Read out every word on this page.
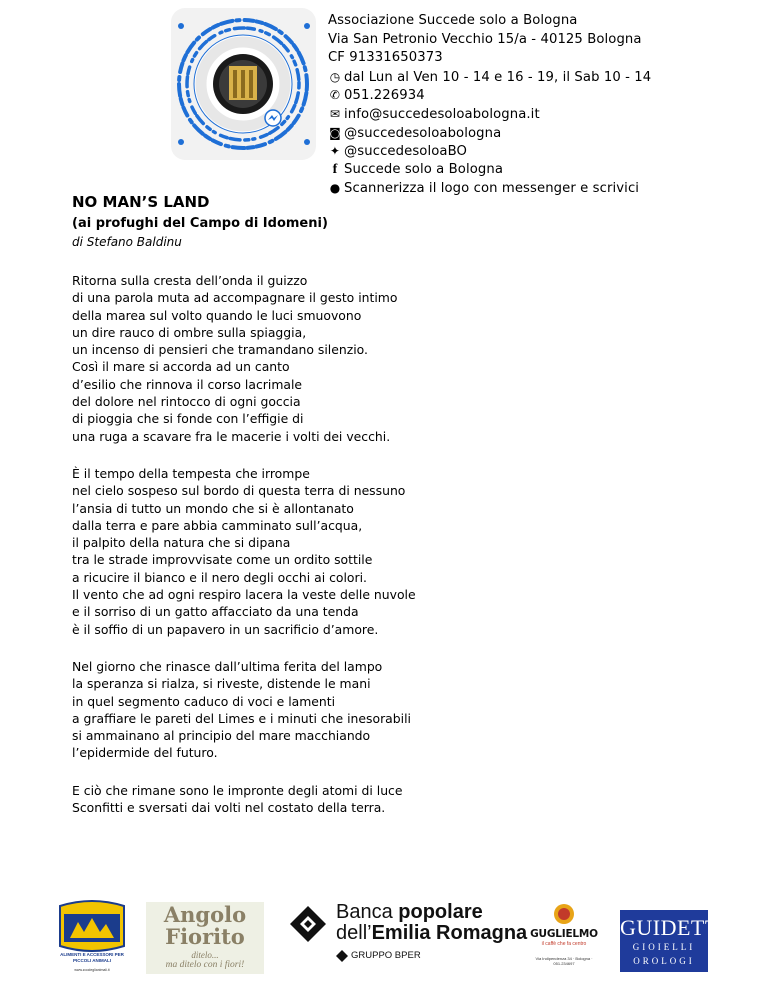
Associazione Succede solo a Bologna
Via San Petronio Vecchio 15/a - 40125 Bologna
CF 91331650373
◷ dal Lun al Ven 10 - 14 e 16 - 19, il Sab 10 - 14
✆ 051.226934
✉ info@succedesoloabologna.it
◙ @succedesoloabologna
✦ @succedesoloaBO
f Succede solo a Bologna
● Scannerizza il logo con messenger e scrivici
NO MAN’S LAND
(ai profughi del Campo di Idomeni)
di Stefano Baldinu
Ritorna sulla cresta dell’onda il guizzo
di una parola muta ad accompagnare il gesto intimo
della marea sul volto quando le luci smuovono
un dire rauco di ombre sulla spiaggia,
un incenso di pensieri che tramandano silenzio.
Così il mare si accorda ad un canto
d’esilio che rinnova il corso lacrimale
del dolore nel rintocco di ogni goccia
di pioggia che si fonde con l’effigie di
una ruga a scavare fra le macerie i volti dei vecchi.
È il tempo della tempesta che irrompe
nel cielo sospeso sul bordo di questa terra di nessuno
l’ansia di tutto un mondo che si è allontanato
dalla terra e pare abbia camminato sull’acqua,
il palpito della natura che si dipana
tra le strade improvvisate come un ordito sottile
a ricucire il bianco e il nero degli occhi ai colori.
Il vento che ad ogni respiro lacera la veste delle nuvole
e il sorriso di un gatto affacciato da una tenda
è il soffio di un papavero in un sacrificio d’amore.
Nel giorno che rinasce dall’ultima ferita del lampo
la speranza si rialza, si riveste, distende le mani
in quel segmento caduco di voci e lamenti
a graffiare le pareti del Limes e i minuti che inesorabili
si ammainano al principio del mare macchiando
l’epidermide del futuro.
E ciò che rimane sono le impronte degli atomi di luce
Sconfitti e sversati dai volti nel costato della terra.
ALIMENTI E ACCESSORI PER PICCOLI ANIMALI
www.zoodeglianimali.it
Angolo
Fiorito
ditelo...
ma ditelo con i fiori!
Banca popolare
dell’Emilia Romagna
GRUPPO BPER
GUGLIELMO
il caffè che fa centro
Via Indipendenza 34 · Bologna · 051.234697
GUIDETTI
GIOIELLI
OROLOGI
